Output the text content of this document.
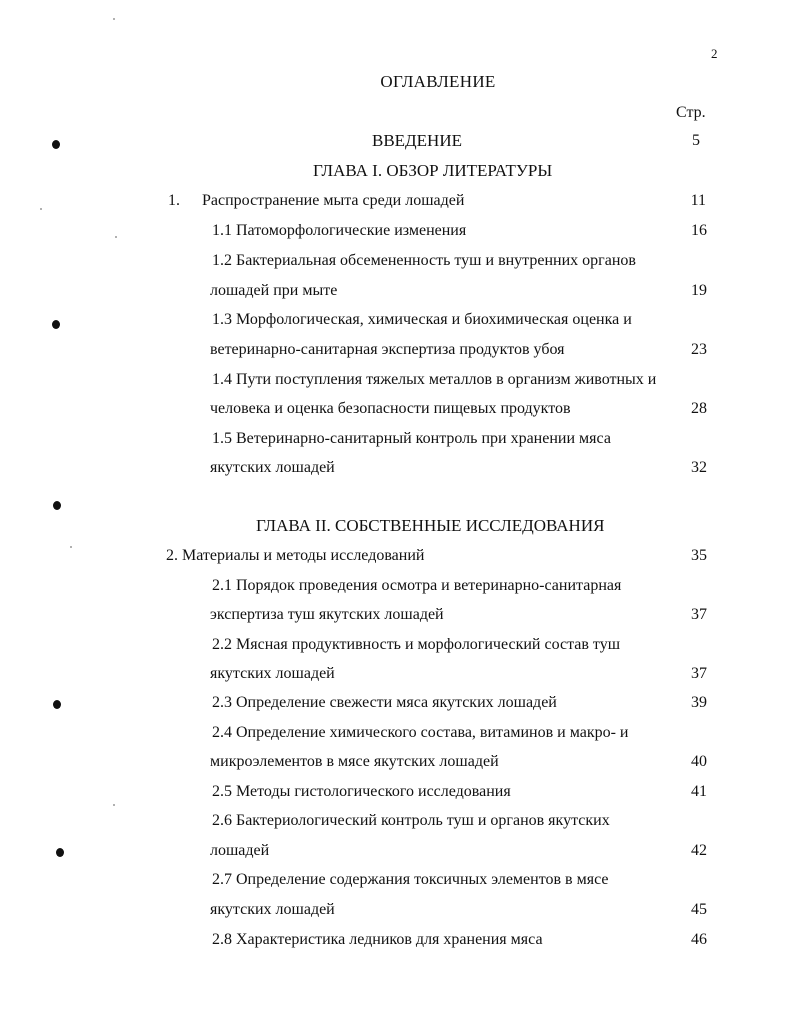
2
ОГЛАВЛЕНИЕ
Стр.
ВВЕДЕНИЕ	5
ГЛАВА I. ОБЗОР ЛИТЕРАТУРЫ
1. Распространение мыта среди лошадей	11
1.1 Патоморфологические изменения	16
1.2 Бактериальная обсемененность туш и внутренних органов
лошадей при мыте	19
1.3 Морфологическая, химическая и биохимическая оценка и
ветеринарно-санитарная экспертиза продуктов убоя	23
1.4 Пути поступления тяжелых металлов в организм животных и
человека и оценка безопасности пищевых продуктов	28
1.5 Ветеринарно-санитарный контроль при хранении мяса
якутских лошадей	32
ГЛАВА II. СОБСТВЕННЫЕ ИССЛЕДОВАНИЯ
2. Материалы и методы исследований	35
2.1 Порядок проведения осмотра и ветеринарно-санитарная
экспертиза туш якутских лошадей	37
2.2 Мясная продуктивность и морфологический состав туш
якутских лошадей	37
2.3 Определение свежести мяса якутских лошадей	39
2.4 Определение химического состава, витаминов и макро- и
микроэлементов в мясе якутских лошадей	40
2.5 Методы гистологического исследования	41
2.6 Бактериологический контроль туш и органов якутских
лошадей	42
2.7 Определение содержания токсичных элементов в мясе
якутских лошадей	45
2.8 Характеристика ледников для хранения мяса	46
